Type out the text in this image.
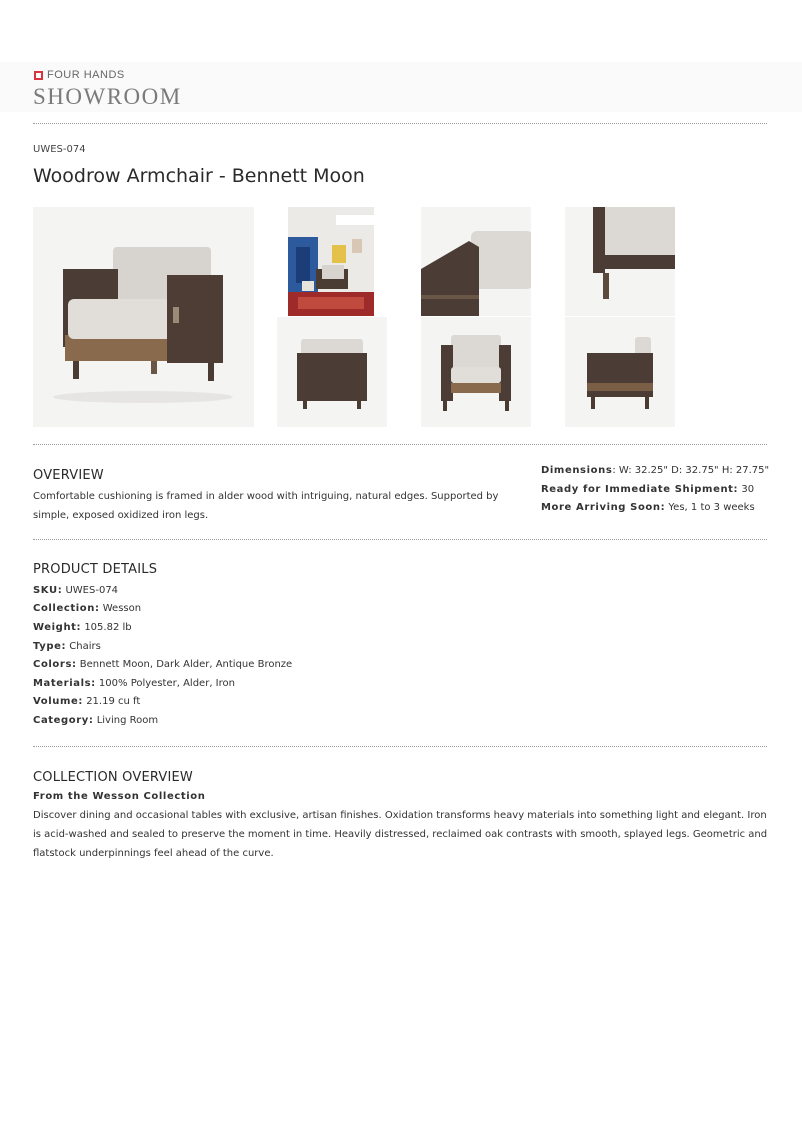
FOUR HANDS
SHOWROOM
UWES-074
Woodrow Armchair - Bennett Moon
OVERVIEW
Comfortable cushioning is framed in alder wood with intriguing, natural edges. Supported by
simple, exposed oxidized iron legs.
Dimensions: W: 32.25" D: 32.75" H: 27.75"
Ready for Immediate Shipment: 30
More Arriving Soon: Yes, 1 to 3 weeks
PRODUCT DETAILS
SKU: UWES-074
Collection: Wesson
Weight: 105.82 lb
Type: Chairs
Colors: Bennett Moon, Dark Alder, Antique Bronze
Materials: 100% Polyester, Alder, Iron
Volume: 21.19 cu ft
Category: Living Room
COLLECTION OVERVIEW
From the Wesson Collection
Discover dining and occasional tables with exclusive, artisan finishes. Oxidation transforms heavy materials into something light and elegant. Iron is acid-washed and sealed to preserve the moment in time. Heavily distressed, reclaimed oak contrasts with smooth, splayed legs. Geometric and flatstock underpinnings feel ahead of the curve.
